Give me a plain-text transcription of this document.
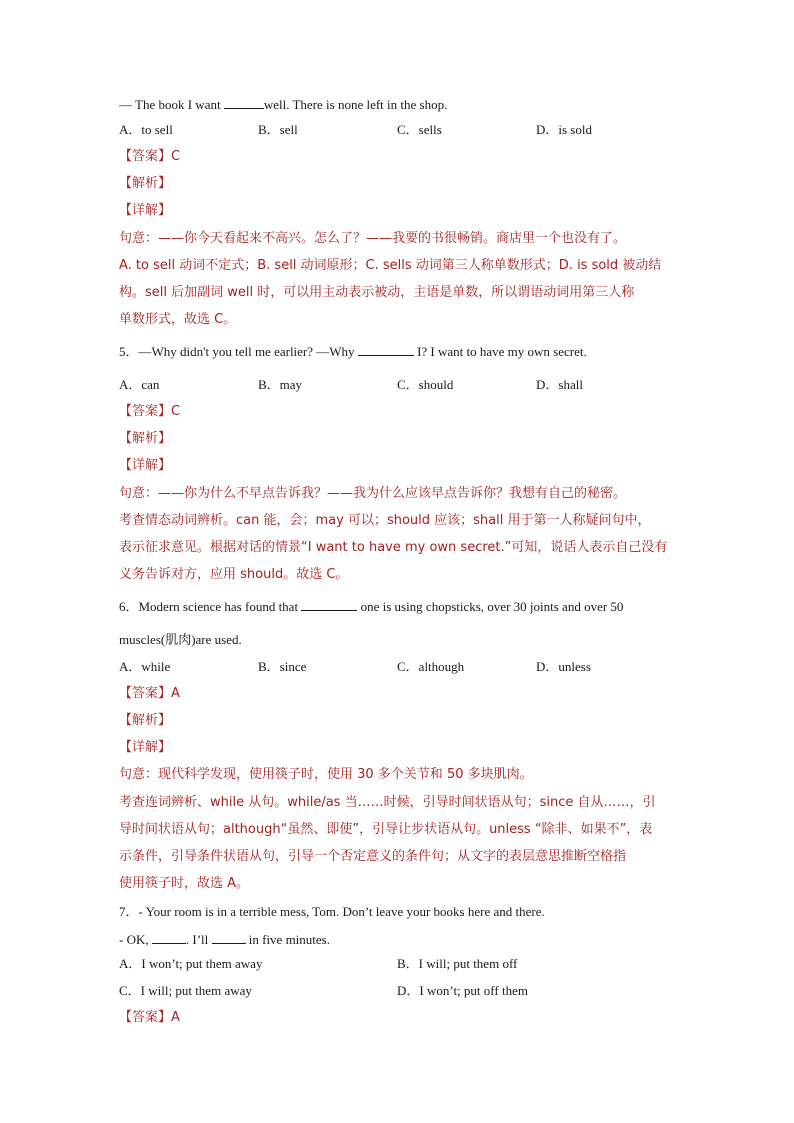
— The book I want	well. There is none left in the shop.
A．to sell	B．sell	C．sells	D．is sold
【答案】C
【解析】
【详解】
句意：——你今天看起来不高兴。怎么了？——我要的书很畅销。商店里一个也没有了。
A. to sell 动词不定式；B. sell 动词原形；C. sells 动词第三人称单数形式；D. is sold 被动结
构。sell 后加副词 well 时，可以用主动表示被动，主语是单数，所以谓语动词用第三人称
单数形式，故选 C。
5．—Why didn't you tell me earlier? —Why	I? I want to have my own secret.
A．can	B．may	C．should	D．shall
【答案】C
【解析】
【详解】
句意：——你为什么不早点告诉我？——我为什么应该早点告诉你？我想有自己的秘密。
考查情态动词辨析。can 能，会；may 可以；should 应该；shall 用于第一人称疑问句中，
表示征求意见。根据对话的情景“I want to have my own secret.”可知，说话人表示自己没有
义务告诉对方，应用 should。故选 C。
6．Modern science has found that	one is using chopsticks, over 30 joints and over 50
muscles(肌肉)are used.
A．while	B．since	C．although	D．unless
【答案】A
【解析】
【详解】
句意：现代科学发现，使用筷子时，使用 30 多个关节和 50 多块肌肉。
考查连词辨析、while 从句。while/as 当……时候，引导时间状语从句；since 自从……，引
导时间状语从句；although“虽然、即使”，引导让步状语从句。unless “除非、如果不”，表
示条件，引导条件状语从句，引导一个否定意义的条件句；从文字的表层意思推断空格指
使用筷子时，故选 A。
7．- Your room is in a terrible mess, Tom. Don’t leave your books here and there.
- OK,	. I’ll	in five minutes.
A．I won’t; put them away	B．I will; put them off
C．I will; put them away	D．I won’t; put off them
【答案】A
